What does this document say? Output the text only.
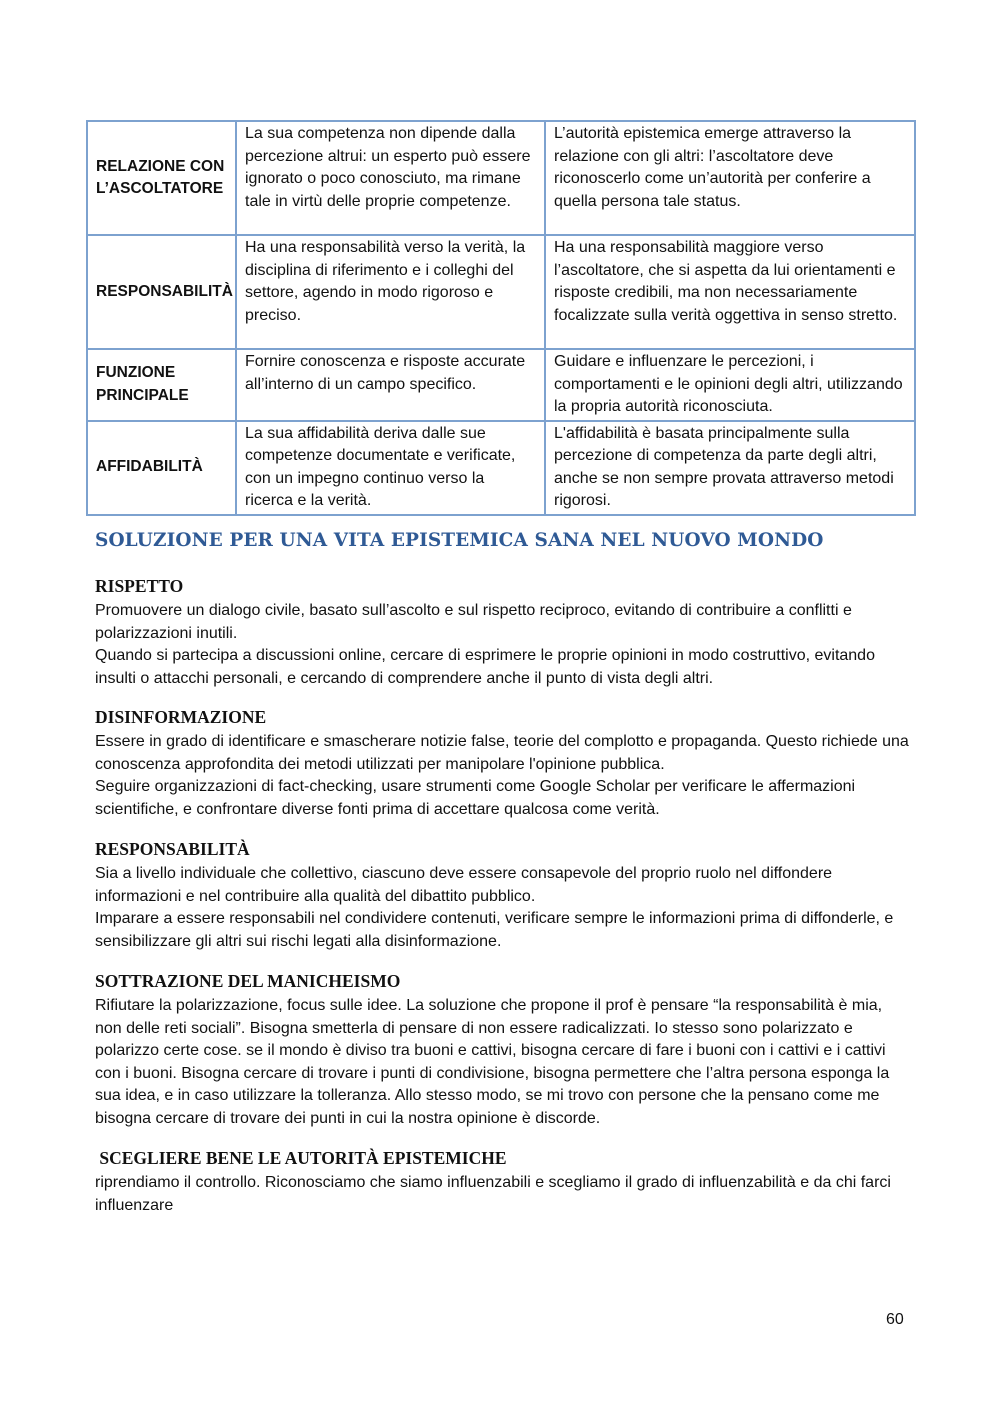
RELAZIONE CON L’ASCOLTATORE	La sua competenza non dipende dalla percezione altrui: un esperto può essere ignorato o poco conosciuto, ma rimane tale in virtù delle proprie competenze.	L’autorità epistemica emerge attraverso la relazione con gli altri: l’ascoltatore deve riconoscerlo come un’autorità per conferire a quella persona tale status.
RESPONSABILITÀ	Ha una responsabilità verso la verità, la disciplina di riferimento e i colleghi del settore, agendo in modo rigoroso e preciso.	Ha una responsabilità maggiore verso l’ascoltatore, che si aspetta da lui orientamenti e risposte credibili, ma non necessariamente focalizzate sulla verità oggettiva in senso stretto.
FUNZIONE PRINCIPALE	Fornire conoscenza e risposte accurate all’interno di un campo specifico.	Guidare e influenzare le percezioni, i comportamenti e le opinioni degli altri, utilizzando la propria autorità riconosciuta.
AFFIDABILITÀ	La sua affidabilità deriva dalle sue competenze documentate e verificate, con un impegno continuo verso la ricerca e la verità.	L'affidabilità è basata principalmente sulla percezione di competenza da parte degli altri, anche se non sempre provata attraverso metodi rigorosi.
SOLUZIONE PER UNA VITA EPISTEMICA SANA NEL NUOVO MONDO
RISPETTO

Promuovere un dialogo civile, basato sull’ascolto e sul rispetto reciproco, evitando di contribuire a conflitti e polarizzazioni inutili.

Quando si partecipa a discussioni online, cercare di esprimere le proprie opinioni in modo costruttivo, evitando insulti o attacchi personali, e cercando di comprendere anche il punto di vista degli altri.

DISINFORMAZIONE

Essere in grado di identificare e smascherare notizie false, teorie del complotto e propaganda. Questo richiede una conoscenza approfondita dei metodi utilizzati per manipolare l'opinione pubblica.

Seguire organizzazioni di fact-checking, usare strumenti come Google Scholar per verificare le affermazioni scientifiche, e confrontare diverse fonti prima di accettare qualcosa come verità.

RESPONSABILITÀ

Sia a livello individuale che collettivo, ciascuno deve essere consapevole del proprio ruolo nel diffondere informazioni e nel contribuire alla qualità del dibattito pubblico.

Imparare a essere responsabili nel condividere contenuti, verificare sempre le informazioni prima di diffonderle, e sensibilizzare gli altri sui rischi legati alla disinformazione.

SOTTRAZIONE DEL MANICHEISMO

Rifiutare la polarizzazione, focus sulle idee. La soluzione che propone il prof è pensare “la responsabilità è mia, non delle reti sociali”. Bisogna smetterla di pensare di non essere radicalizzati. Io stesso sono polarizzato e polarizzo certe cose. se il mondo è diviso tra buoni e cattivi, bisogna cercare di fare i buoni con i cattivi e i cattivi con i buoni. Bisogna cercare di trovare i punti di condivisione, bisogna permettere che l’altra persona esponga la sua idea, e in caso utilizzare la tolleranza. Allo stesso modo, se mi trovo con persone che la pensano come me bisogna cercare di trovare dei punti in cui la nostra opinione è discorde.

SCEGLIERE BENE LE AUTORITÀ EPISTEMICHE

riprendiamo il controllo. Riconosciamo che siamo influenzabili e scegliamo il grado di influenzabilità e da chi farci influenzare

60
